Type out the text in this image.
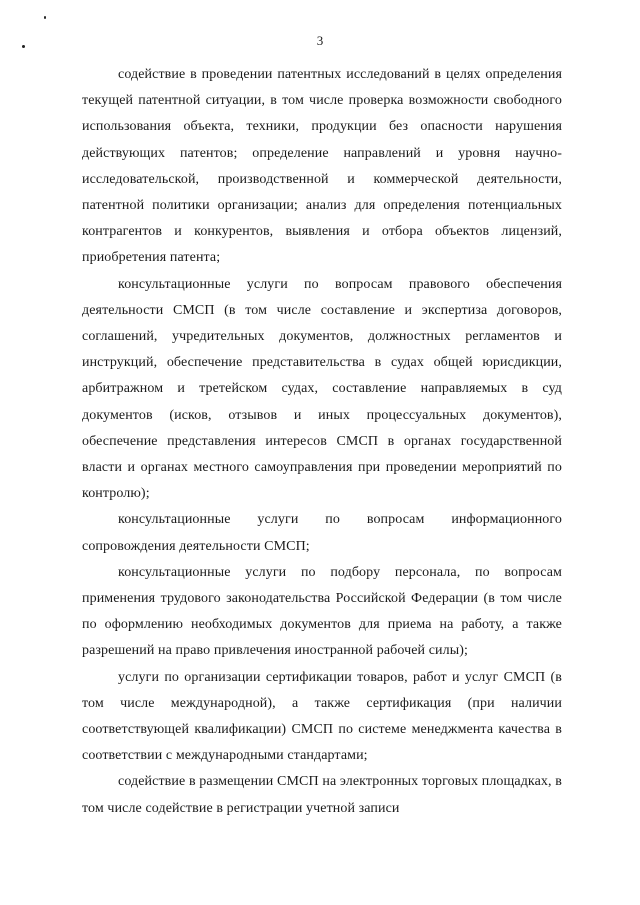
3

содействие в проведении патентных исследований в целях определения текущей патентной ситуации, в том числе проверка возможности свободного использования объекта, техники, продукции без опасности нарушения действующих патентов; определение направлений и уровня научно-исследовательской, производственной и коммерческой деятельности, патентной политики организации; анализ для определения потенциальных контрагентов и конкурентов, выявления и отбора объектов лицензий, приобретения патента;

консультационные услуги по вопросам правового обеспечения деятельности СМСП (в том числе составление и экспертиза договоров, соглашений, учредительных документов, должностных регламентов и инструкций, обеспечение представительства в судах общей юрисдикции, арбитражном и третейском судах, составление направляемых в суд документов (исков, отзывов и иных процессуальных документов), обеспечение представления интересов СМСП в органах государственной власти и органах местного самоуправления при проведении мероприятий по контролю);

консультационные услуги по вопросам информационного сопровождения деятельности СМСП;

консультационные услуги по подбору персонала, по вопросам применения трудового законодательства Российской Федерации (в том числе по оформлению необходимых документов для приема на работу, а также разрешений на право привлечения иностранной рабочей силы);

услуги по организации сертификации товаров, работ и услуг СМСП (в том числе международной), а также сертификация (при наличии соответствующей квалификации) СМСП по системе менеджмента качества в соответствии с международными стандартами;

содействие в размещении СМСП на электронных торговых площадках, в том числе содействие в регистрации учетной записи
